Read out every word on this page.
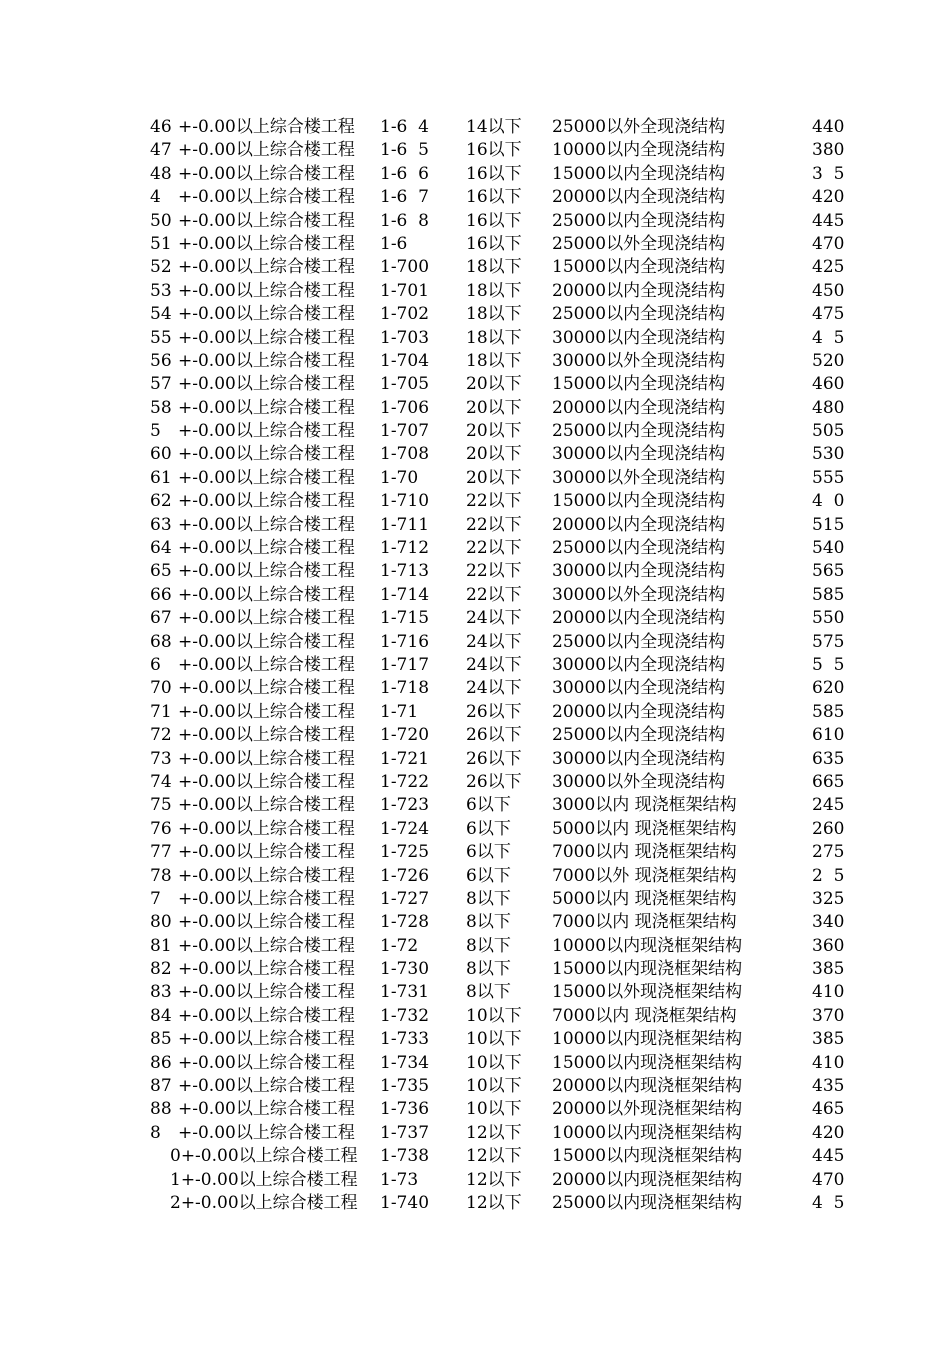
46 +-0.00以上综合楼工程 1-6  4 14以下 25000以外全现浇结构	440
47 +-0.00以上综合楼工程 1-6  5 16以下 10000以内全现浇结构	380
48 +-0.00以上综合楼工程 1-6  6 16以下 15000以内全现浇结构	3  5
4 +-0.00以上综合楼工程 1-6  7 16以下 20000以内全现浇结构	420
50 +-0.00以上综合楼工程 1-6  8 16以下 25000以内全现浇结构	445
51 +-0.00以上综合楼工程 1-6	16以下 25000以外全现浇结构	470
52 +-0.00以上综合楼工程 1-700 18以下 15000以内全现浇结构	425
53 +-0.00以上综合楼工程 1-701 18以下 20000以内全现浇结构	450
54 +-0.00以上综合楼工程 1-702 18以下 25000以内全现浇结构	475
55 +-0.00以上综合楼工程 1-703 18以下 30000以内全现浇结构	4  5
56 +-0.00以上综合楼工程 1-704 18以下 30000以外全现浇结构	520
57 +-0.00以上综合楼工程 1-705 20以下 15000以内全现浇结构	460
58 +-0.00以上综合楼工程 1-706 20以下 20000以内全现浇结构	480
5 +-0.00以上综合楼工程 1-707 20以下 25000以内全现浇结构	505
60 +-0.00以上综合楼工程 1-708 20以下 30000以内全现浇结构	530
61 +-0.00以上综合楼工程 1-70	20以下 30000以外全现浇结构	555
62 +-0.00以上综合楼工程 1-710 22以下 15000以内全现浇结构	4  0
63 +-0.00以上综合楼工程 1-711 22以下 20000以内全现浇结构	515
64 +-0.00以上综合楼工程 1-712 22以下 25000以内全现浇结构	540
65 +-0.00以上综合楼工程 1-713 22以下 30000以内全现浇结构	565
66 +-0.00以上综合楼工程 1-714 22以下 30000以外全现浇结构	585
67 +-0.00以上综合楼工程 1-715 24以下 20000以内全现浇结构	550
68 +-0.00以上综合楼工程 1-716 24以下 25000以内全现浇结构	575
6 +-0.00以上综合楼工程 1-717 24以下 30000以内全现浇结构	5  5
70 +-0.00以上综合楼工程 1-718 24以下 30000以内全现浇结构	620
71 +-0.00以上综合楼工程 1-71	26以下 20000以内全现浇结构	585
72 +-0.00以上综合楼工程 1-720 26以下 25000以内全现浇结构	610
73 +-0.00以上综合楼工程 1-721 26以下 30000以内全现浇结构	635
74 +-0.00以上综合楼工程 1-722 26以下 30000以外全现浇结构	665
75 +-0.00以上综合楼工程 1-723 6以下 3000以内 现浇框架结构	245
76 +-0.00以上综合楼工程 1-724 6以下 5000以内 现浇框架结构	260
77 +-0.00以上综合楼工程 1-725 6以下 7000以内 现浇框架结构	275
78 +-0.00以上综合楼工程 1-726 6以下 7000以外 现浇框架结构	2  5
7 +-0.00以上综合楼工程 1-727 8以下 5000以内 现浇框架结构	325
80 +-0.00以上综合楼工程 1-728 8以下 7000以内 现浇框架结构	340
81 +-0.00以上综合楼工程 1-72	8以下 10000以内现浇框架结构	360
82 +-0.00以上综合楼工程 1-730 8以下 15000以内现浇框架结构	385
83 +-0.00以上综合楼工程 1-731 8以下 15000以外现浇框架结构	410
84 +-0.00以上综合楼工程 1-732 10以下 7000以内 现浇框架结构	370
85 +-0.00以上综合楼工程 1-733 10以下 10000以内现浇框架结构	385
86 +-0.00以上综合楼工程 1-734 10以下 15000以内现浇框架结构	410
87 +-0.00以上综合楼工程 1-735 10以下 20000以内现浇框架结构	435
88 +-0.00以上综合楼工程 1-736 10以下 20000以外现浇框架结构	465
8 +-0.00以上综合楼工程 1-737 12以下 10000以内现浇框架结构	420
0+-0.00以上综合楼工程 1-738 12以下 15000以内现浇框架结构	445
1+-0.00以上综合楼工程 1-73	12以下 20000以内现浇框架结构	470
2+-0.00以上综合楼工程 1-740 12以下 25000以内现浇框架结构	4  5
